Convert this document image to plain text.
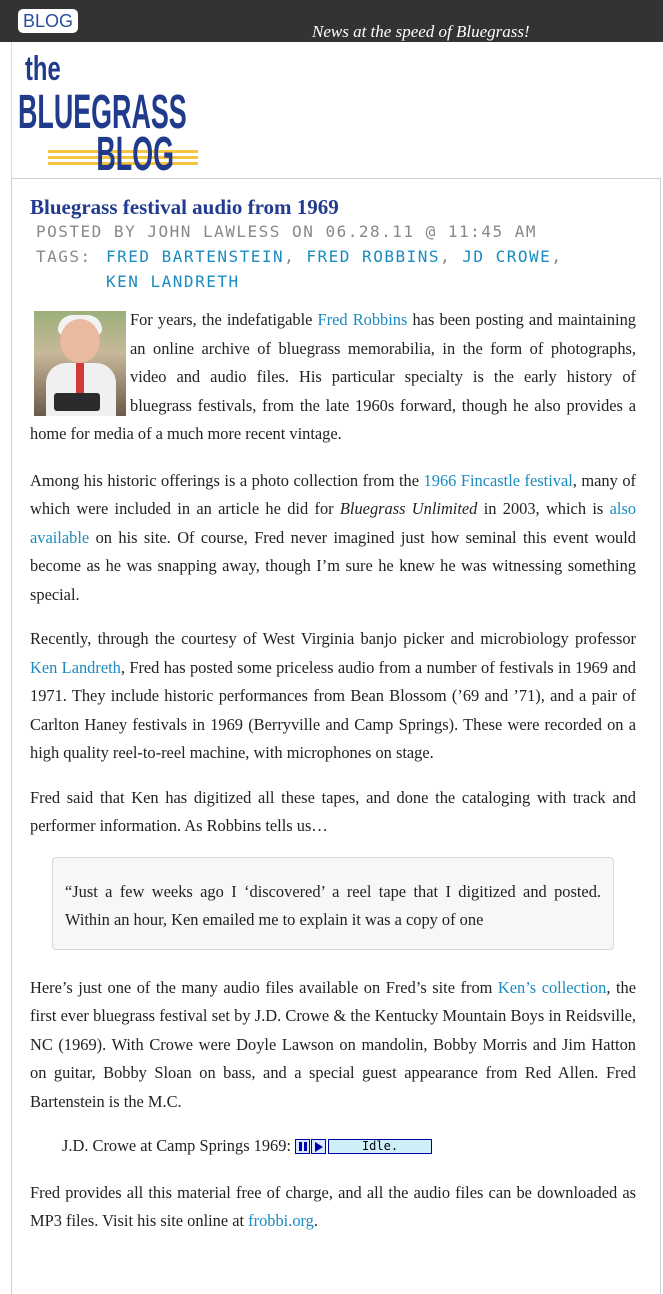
BLOG
News at the speed of Bluegrass!
the
BLUEGRASS
BLOG
Bluegrass festival audio from 1969
POSTED BY JOHN LAWLESS ON 06.28.11 @ 11:45 AM
TAGS: FRED BARTENSTEIN, FRED ROBBINS, JD CROWE,
KEN LANDRETH

For years, the indefatigable Fred Robbins has been posting and maintaining an online archive of bluegrass memorabilia, in the form of photographs, video and audio files. His particular specialty is the early history of bluegrass festivals, from the late 1960s forward, though he also provides a home for media of a much more recent vintage.

Among his historic offerings is a photo collection from the 1966 Fincastle festival, many of which were included in an article he did for Bluegrass Unlimited in 2003, which is also available on his site. Of course, Fred never imagined just how seminal this event would become as he was snapping away, though I’m sure he knew he was witnessing something special.

Recently, through the courtesy of West Virginia banjo picker and microbiology professor Ken Landreth, Fred has posted some priceless audio from a number of festivals in 1969 and 1971. They include historic performances from Bean Blossom (’69 and ’71), and a pair of Carlton Haney festivals in 1969 (Berryville and Camp Springs). These were recorded on a high quality reel-to-reel machine, with microphones on stage.

Fred said that Ken has digitized all these tapes, and done the cataloging with track and performer information. As Robbins tells us…

“Just a few weeks ago I ‘discovered’ a reel tape that I digitized and posted. Within an hour, Ken emailed me to explain it was a copy of one

Here’s just one of the many audio files available on Fred’s site from Ken’s collection, the first ever bluegrass festival set by J.D. Crowe & the Kentucky Mountain Boys in Reidsville, NC (1969). With Crowe were Doyle Lawson on mandolin, Bobby Morris and Jim Hatton on guitar, Bobby Sloan on bass, and a special guest appearance from Red Allen. Fred Bartenstein is the M.C.

J.D. Crowe at Camp Springs 1969:	Idle.

Fred provides all this material free of charge, and all the audio files can be downloaded as MP3 files. Visit his site online at frobbi.org.
